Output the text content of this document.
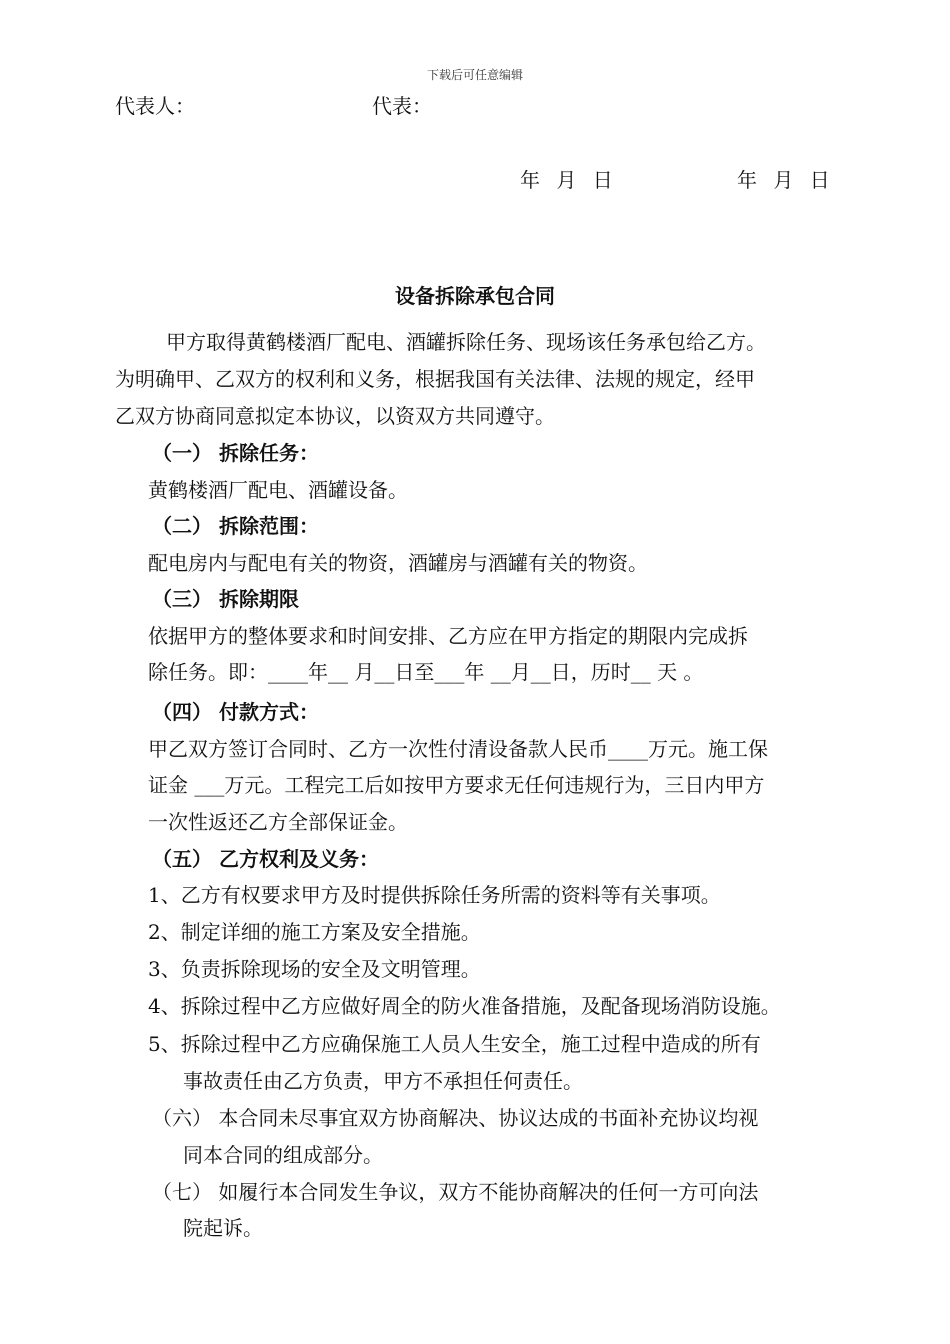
下载后可任意编辑
代表人：	代表：
年 月 日	年 月 日
设备拆除承包合同
甲方取得黄鹤楼酒厂配电、酒罐拆除任务、现场该任务承包给乙方。
为明确甲、乙双方的权利和义务，根据我国有关法律、法规的规定，经甲
乙双方协商同意拟定本协议，以资双方共同遵守。
（一） 拆除任务：
黄鹤楼酒厂配电、酒罐设备。
（二） 拆除范围：
配电房内与配电有关的物资，酒罐房与酒罐有关的物资。
（三） 拆除期限
依据甲方的整体要求和时间安排、乙方应在甲方指定的期限内完成拆
除任务。即：____年__ 月__日至___年 __月__日，历时__ 天 。
（四） 付款方式：
甲乙双方签订合同时、乙方一次性付清设备款人民币____万元。施工保
证金 ___万元。工程完工后如按甲方要求无任何违规行为，三日内甲方
一次性返还乙方全部保证金。
（五） 乙方权利及义务：
1、乙方有权要求甲方及时提供拆除任务所需的资料等有关事项。
2、制定详细的施工方案及安全措施。
3、负责拆除现场的安全及文明管理。
4、拆除过程中乙方应做好周全的防火准备措施，及配备现场消防设施。
5、拆除过程中乙方应确保施工人员人生安全，施工过程中造成的所有
事故责任由乙方负责，甲方不承担任何责任。
（六） 本合同未尽事宜双方协商解决、协议达成的书面补充协议均视
同本合同的组成部分。
（七） 如履行本合同发生争议，双方不能协商解决的任何一方可向法
院起诉。
